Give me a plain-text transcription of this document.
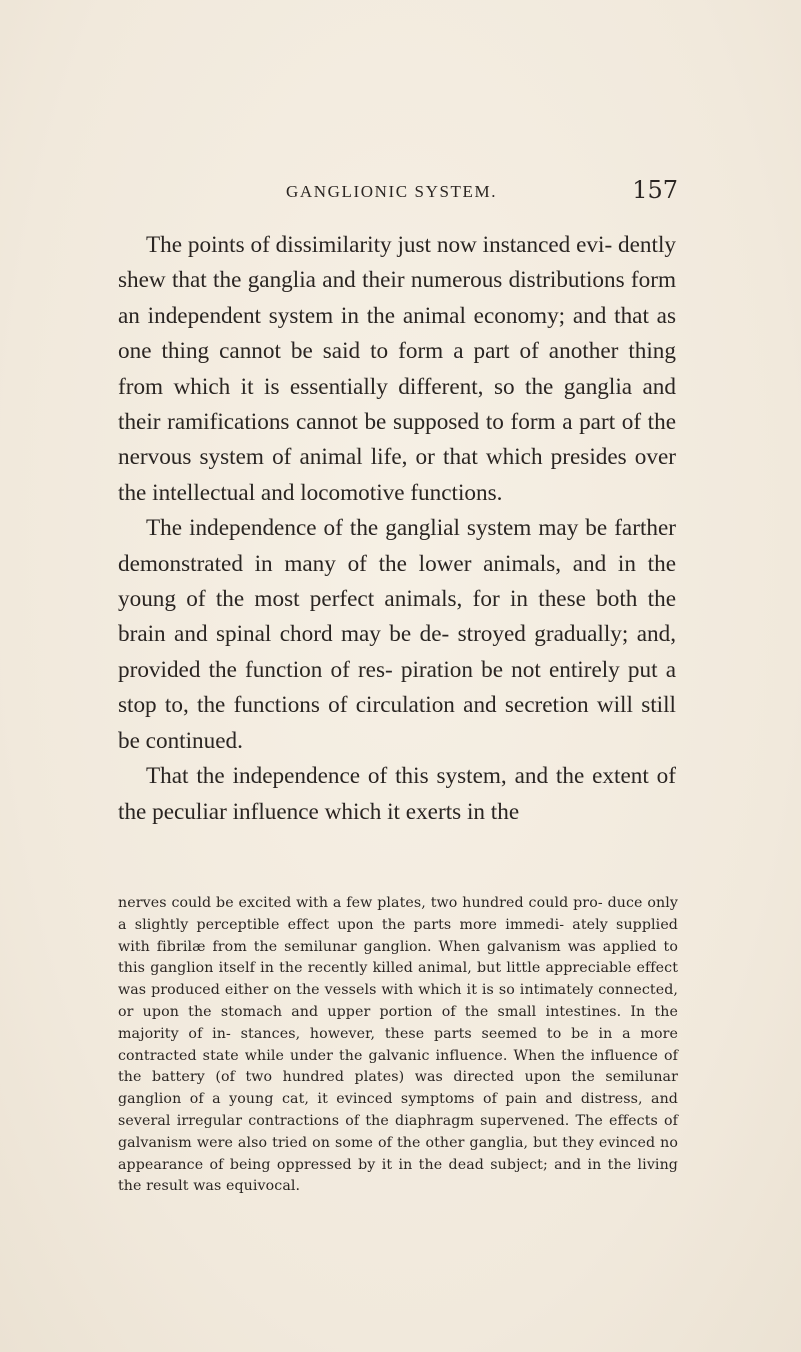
GANGLIONIC SYSTEM.	157

The points of dissimilarity just now instanced evi- dently shew that the ganglia and their numerous distributions form an independent system in the animal economy; and that as one thing cannot be said to form a part of another thing from which it is essentially different, so the ganglia and their ramifications cannot be supposed to form a part of the nervous system of animal life, or that which presides over the intellectual and locomotive functions.

The independence of the ganglial system may be farther demonstrated in many of the lower animals, and in the young of the most perfect animals, for in these both the brain and spinal chord may be de- stroyed gradually; and, provided the function of res- piration be not entirely put a stop to, the functions of circulation and secretion will still be continued.

That the independence of this system, and the extent of the peculiar influence which it exerts in the

nerves could be excited with a few plates, two hundred could pro- duce only a slightly perceptible effect upon the parts more immedi- ately supplied with fibrilæ from the semilunar ganglion. When galvanism was applied to this ganglion itself in the recently killed animal, but little appreciable effect was produced either on the vessels with which it is so intimately connected, or upon the stomach and upper portion of the small intestines. In the majority of in- stances, however, these parts seemed to be in a more contracted state while under the galvanic influence. When the influence of the battery (of two hundred plates) was directed upon the semilunar ganglion of a young cat, it evinced symptoms of pain and distress, and several irregular contractions of the diaphragm supervened. The effects of galvanism were also tried on some of the other ganglia, but they evinced no appearance of being oppressed by it in the dead subject; and in the living the result was equivocal.
